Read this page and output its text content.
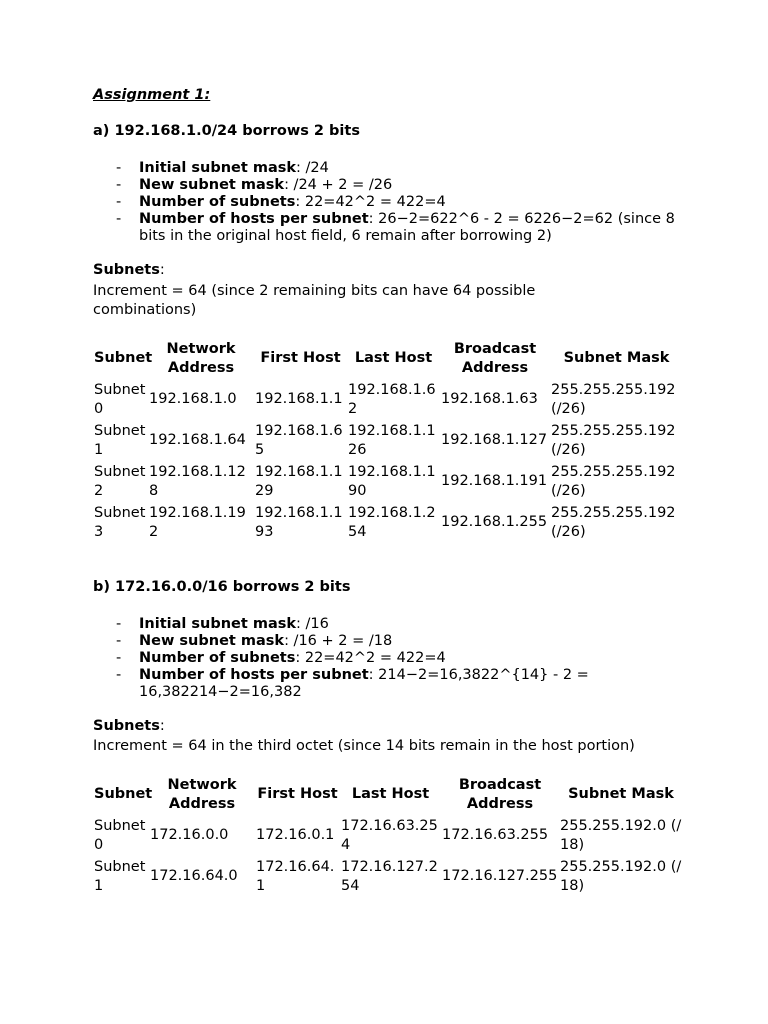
Assignment 1:
a) 192.168.1.0/24 borrows 2 bits
- Initial subnet mask: /24
- New subnet mask: /24 + 2 = /26
- Number of subnets: 22=42^2 = 422=4
- Number of hosts per subnet: 26−2=622^6 - 2 = 6226−2=62 (since 8 bits in the original host field, 6 remain after borrowing 2)
Subnets:
Increment = 64 (since 2 remaining bits can have 64 possible combinations)
Subnet	Network Address	First Host	Last Host	Broadcast Address	Subnet Mask
Subnet 0	192.168.1.0	192.168.1.1	192.168.1.62	192.168.1.63	255.255.255.192 (/26)
Subnet 1	192.168.1.64	192.168.1.65	192.168.1.126	192.168.1.127	255.255.255.192 (/26)
Subnet 2	192.168.1.128	192.168.1.129	192.168.1.190	192.168.1.191	255.255.255.192 (/26)
Subnet 3	192.168.1.192	192.168.1.193	192.168.1.254	192.168.1.255	255.255.255.192 (/26)
b) 172.16.0.0/16 borrows 2 bits
- Initial subnet mask: /16
- New subnet mask: /16 + 2 = /18
- Number of subnets: 22=42^2 = 422=4
- Number of hosts per subnet: 214−2=16,3822^{14} - 2 = 16,382214−2=16,382
Subnets:
Increment = 64 in the third octet (since 14 bits remain in the host portion)
Subnet	Network Address	First Host	Last Host	Broadcast Address	Subnet Mask
Subnet 0	172.16.0.0	172.16.0.1	172.16.63.254	172.16.63.255	255.255.192.0 (/18)
Subnet 1	172.16.64.0	172.16.64.1	172.16.127.254	172.16.127.255	255.255.192.0 (/18)
